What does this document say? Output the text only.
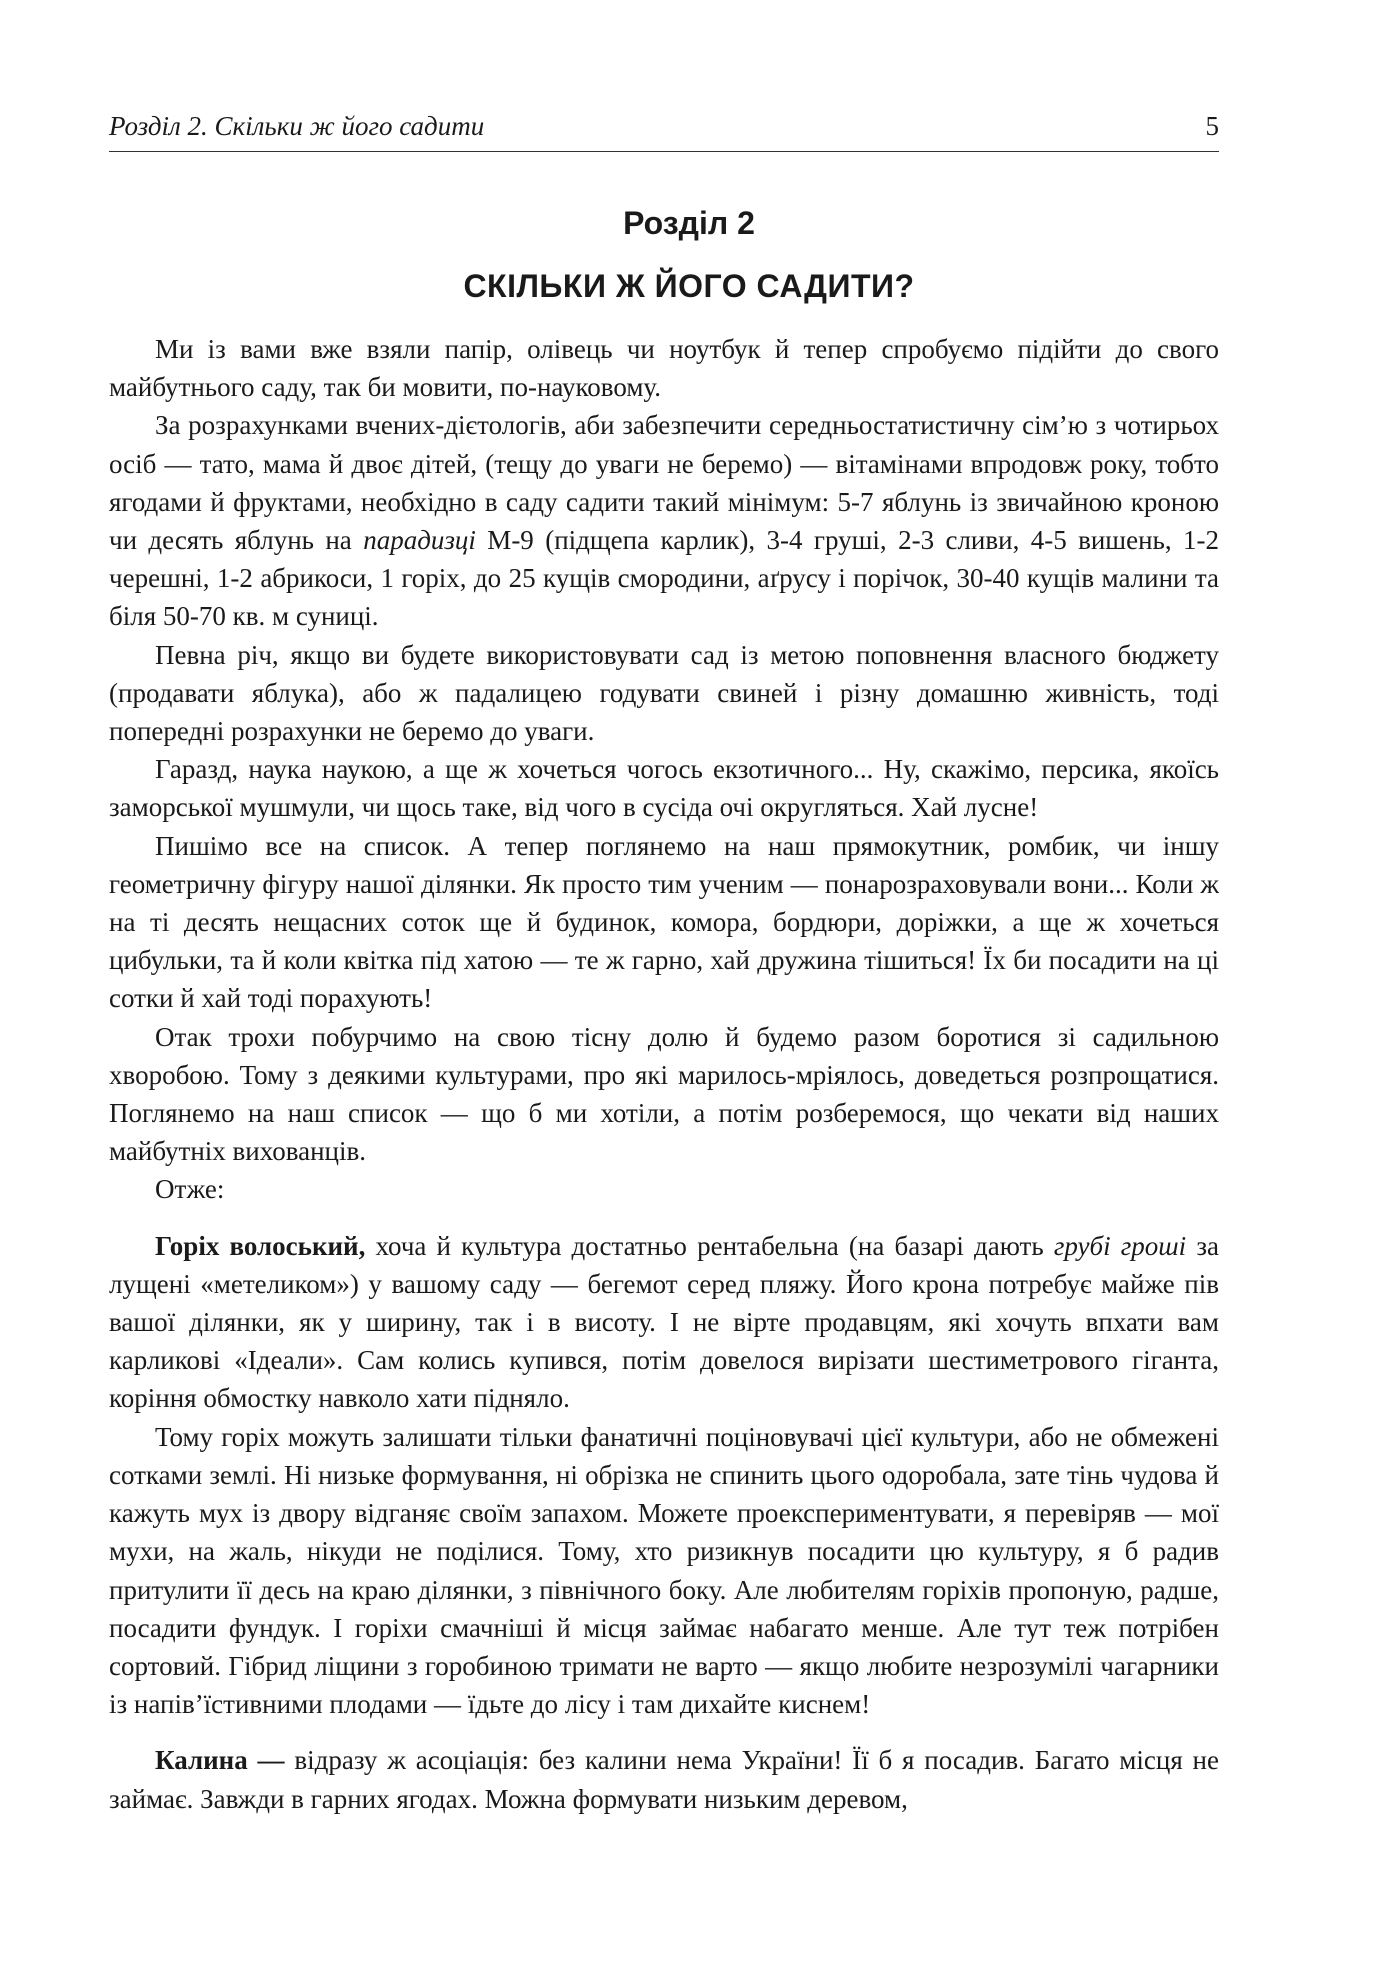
Розділ 2. Скільки ж його садити	5
Розділ 2
СКІЛЬКИ Ж ЙОГО САДИТИ?

Ми із вами вже взяли папір, олівець чи ноутбук й тепер спробуємо підійти до свого майбутнього саду, так би мовити, по-науковому.

За розрахунками вчених-дієтологів, аби забезпечити середньостатистичну сім’ю з чотирьох осіб — тато, мама й двоє дітей, (тещу до уваги не беремо) — вітамінами впродовж року, тобто ягодами й фруктами, необхідно в саду садити такий мінімум: 5-7 яблунь із звичайною кроною чи десять яблунь на парадизці М-9 (підщепа карлик), 3-4 груші, 2-3 сливи, 4-5 вишень, 1-2 черешні, 1-2 абрикоси, 1 горіх, до 25 кущів смородини, аґрусу і порічок, 30-40 кущів малини та біля 50-70 кв. м суниці.

Певна річ, якщо ви будете використовувати сад із метою поповнення власного бюджету (продавати яблука), або ж падалицею годувати свиней і різну домашню живність, тоді попередні розрахунки не беремо до уваги.

Гаразд, наука наукою, а ще ж хочеться чогось екзотичного... Ну, скажімо, персика, якоїсь заморської мушмули, чи щось таке, від чого в сусіда очі округляться. Хай лусне!

Пишімо все на список. А тепер поглянемо на наш прямокутник, ромбик, чи іншу геометричну фігуру нашої ділянки. Як просто тим ученим — понарозраховували вони... Коли ж на ті десять нещасних соток ще й будинок, комора, бордюри, доріжки, а ще ж хочеться цибульки, та й коли квітка під хатою — те ж гарно, хай дружина тішиться! Їх би посадити на ці сотки й хай тоді порахують!

Отак трохи побурчимо на свою тісну долю й будемо разом боротися зі садильною хворобою. Тому з деякими культурами, про які марилось-мріялось, доведеться розпрощатися. Поглянемо на наш список — що б ми хотіли, а потім розберемося, що чекати від наших майбутніх вихованців.

Отже:

Горіх волоський, хоча й культура достатньо рентабельна (на базарі дають грубі гроші за лущені «метеликом») у вашому саду — бегемот серед пляжу. Його крона потребує майже пів вашої ділянки, як у ширину, так і в висоту. І не вірте продавцям, які хочуть впхати вам карликові «Ідеали». Сам колись купився, потім довелося вирізати шестиметрового гіганта, коріння обмостку навколо хати підняло.

Тому горіх можуть залишати тільки фанатичні поціновувачі цієї культури, або не обмежені сотками землі. Ні низьке формування, ні обрізка не спинить цього одоробала, зате тінь чудова й кажуть мух із двору відганяє своїм запахом. Можете проекспериментувати, я перевіряв — мої мухи, на жаль, нікуди не поділися. Тому, хто ризикнув посадити цю культуру, я б радив притулити її десь на краю ділянки, з північного боку. Але любителям горіхів пропоную, радше, посадити фундук. І горіхи смачніші й місця займає набагато менше. Але тут теж потрібен сортовий. Гібрид ліщини з горобиною тримати не варто — якщо любите незрозумілі чагарники із напів’їстивними плодами — їдьте до лісу і там дихайте киснем!

Калина — відразу ж асоціація: без калини нема України! Її б я посадив. Багато місця не займає. Завжди в гарних ягодах. Можна формувати низьким деревом,
